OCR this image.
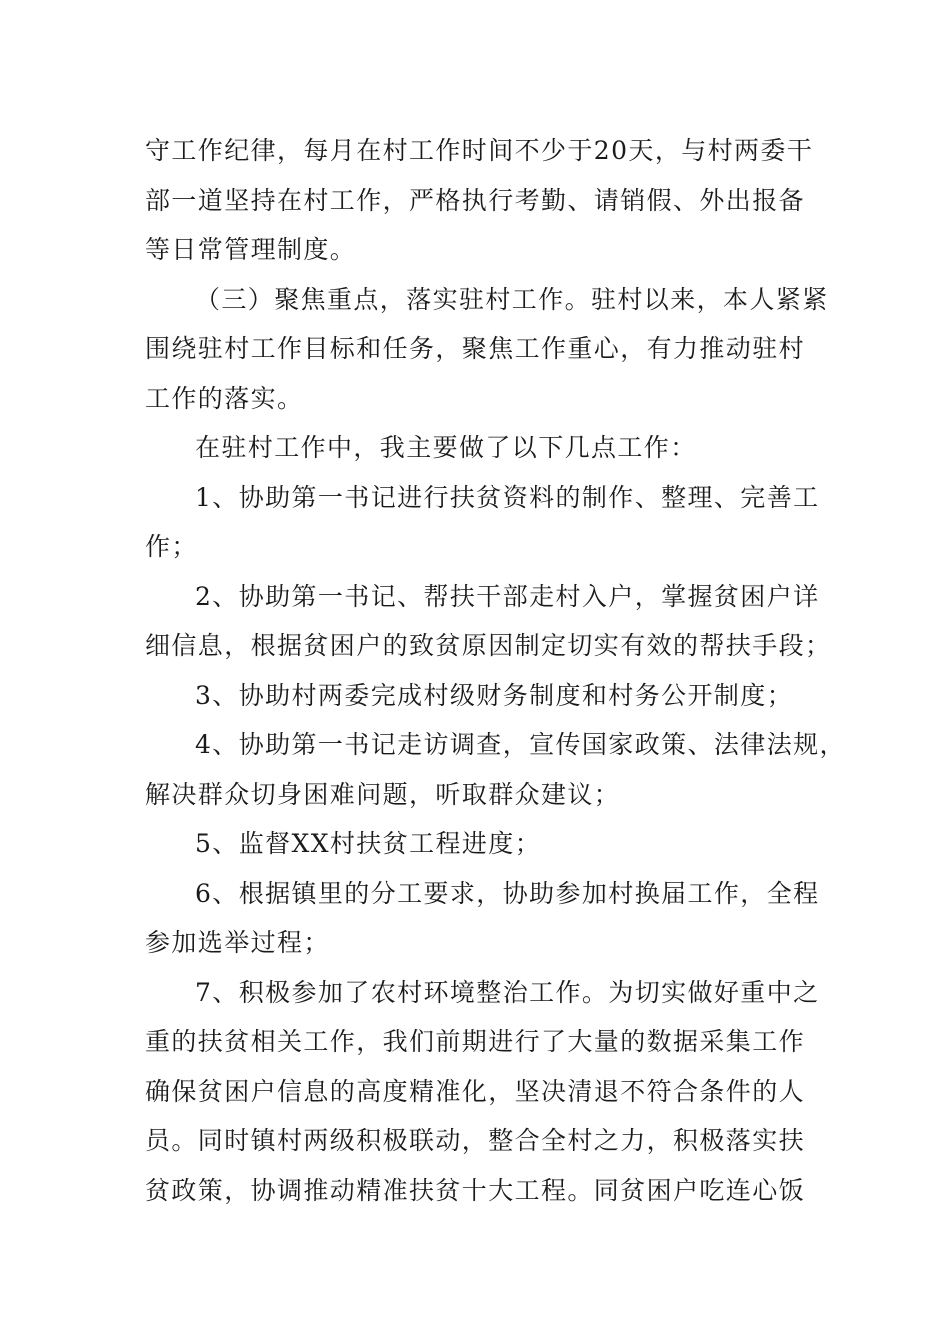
守工作纪律，每月在村工作时间不少于20天，与村两委干
部一道坚持在村工作，严格执行考勤、请销假、外出报备
等日常管理制度。

（三）聚焦重点，落实驻村工作。驻村以来，本人紧紧
围绕驻村工作目标和任务，聚焦工作重心，有力推动驻村
工作的落实。

在驻村工作中，我主要做了以下几点工作：

1、协助第一书记进行扶贫资料的制作、整理、完善工
作；

2、协助第一书记、帮扶干部走村入户，掌握贫困户详
细信息，根据贫困户的致贫原因制定切实有效的帮扶手段；

3、协助村两委完成村级财务制度和村务公开制度；

4、协助第一书记走访调查，宣传国家政策、法律法规，
解决群众切身困难问题，听取群众建议；

5、监督XX村扶贫工程进度；

6、根据镇里的分工要求，协助参加村换届工作，全程
参加选举过程；

7、积极参加了农村环境整治工作。为切实做好重中之
重的扶贫相关工作，我们前期进行了大量的数据采集工作
确保贫困户信息的高度精准化，坚决清退不符合条件的人
员。同时镇村两级积极联动，整合全村之力，积极落实扶
贫政策，协调推动精准扶贫十大工程。同贫困户吃连心饭
